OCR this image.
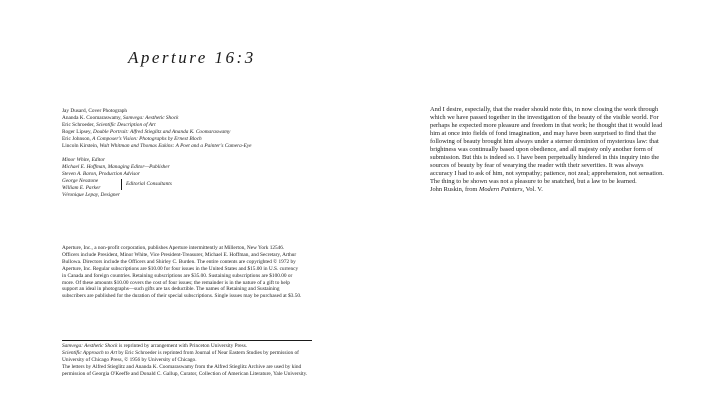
Aperture 16:3
Jay Dusard, Cover Photograph
Ananda K. Coomaraswamy, Samvega: Aesthetic Shock
Eric Schroeder, Scientific Description of Art
Roger Lipsey, Double Portrait: Alfred Stieglitz and Ananda K. Coomaraswamy
Eric Johnson, A Composer's Vision: Photographs by Ernest Bloch
Lincoln Kirstein, Walt Whitman and Thomas Eakins: A Poet and a Painter's Camera-Eye
Minor White, Editor
Michael E. Hoffman, Managing Editor—Publisher
Steven A. Baron, Production Advisor
George Nesstone
William E. Parker
Editorial Consultants
Véronique Lepay, Designer
Aperture, Inc., a non-profit corporation, publishes Aperture intermittently at Millerton, New York 12546. Officers include President, Minor White, Vice President-Treasurer, Michael E. Hoffman, and Secretary, Arthur Bullowa. Directors include the Officers and Shirley C. Burden. The entire contents are copyrighted © 1972 by Aperture, Inc. Regular subscriptions are $10.00 for four issues in the United States and $15.00 in U.S. currency in Canada and foreign countries. Retaining subscriptions are $35.00. Sustaining subscriptions are $100.00 or more. Of these amounts $10.00 covers the cost of four issues; the remainder is in the nature of a gift to help support an ideal in photographs—such gifts are tax deductible. The names of Retaining and Sustaining subscribers are published for the duration of their special subscriptions. Single issues may be purchased at $3.50.
Samvega: Aesthetic Shock is reprinted by arrangement with Princeton University Press.
Scientific Approach to Art by Eric Schroeder is reprinted from Journal of Near Eastern Studies by permission of University of Chicago Press, © 1956 by University of Chicago.
The letters by Alfred Stieglitz and Ananda K. Coomaraswamy from the Alfred Stieglitz Archive are used by kind permission of Georgia O'Keeffe and Donald C. Gallup, Curator, Collection of American Literature, Yale University.
And I desire, especially, that the reader should note this, in now closing the work through which we have passed together in the investigation of the beauty of the visible world. For perhaps he expected more pleasure and freedom in that work; he thought that it would lead him at once into fields of fond imagination, and may have been surprised to find that the following of beauty brought him always under a sterner dominion of mysterious law: that brightness was continually based upon obedience, and all majesty only another form of submission. But this is indeed so. I have been perpetually hindered in this inquiry into the sources of beauty by fear of wearying the reader with their severities. It was always accuracy I had to ask of him, not sympathy; patience, not zeal; apprehension, not sensation. The thing to be shown was not a pleasure to be snatched, but a law to be learned.
John Ruskin, from Modern Painters, Vol. V.
